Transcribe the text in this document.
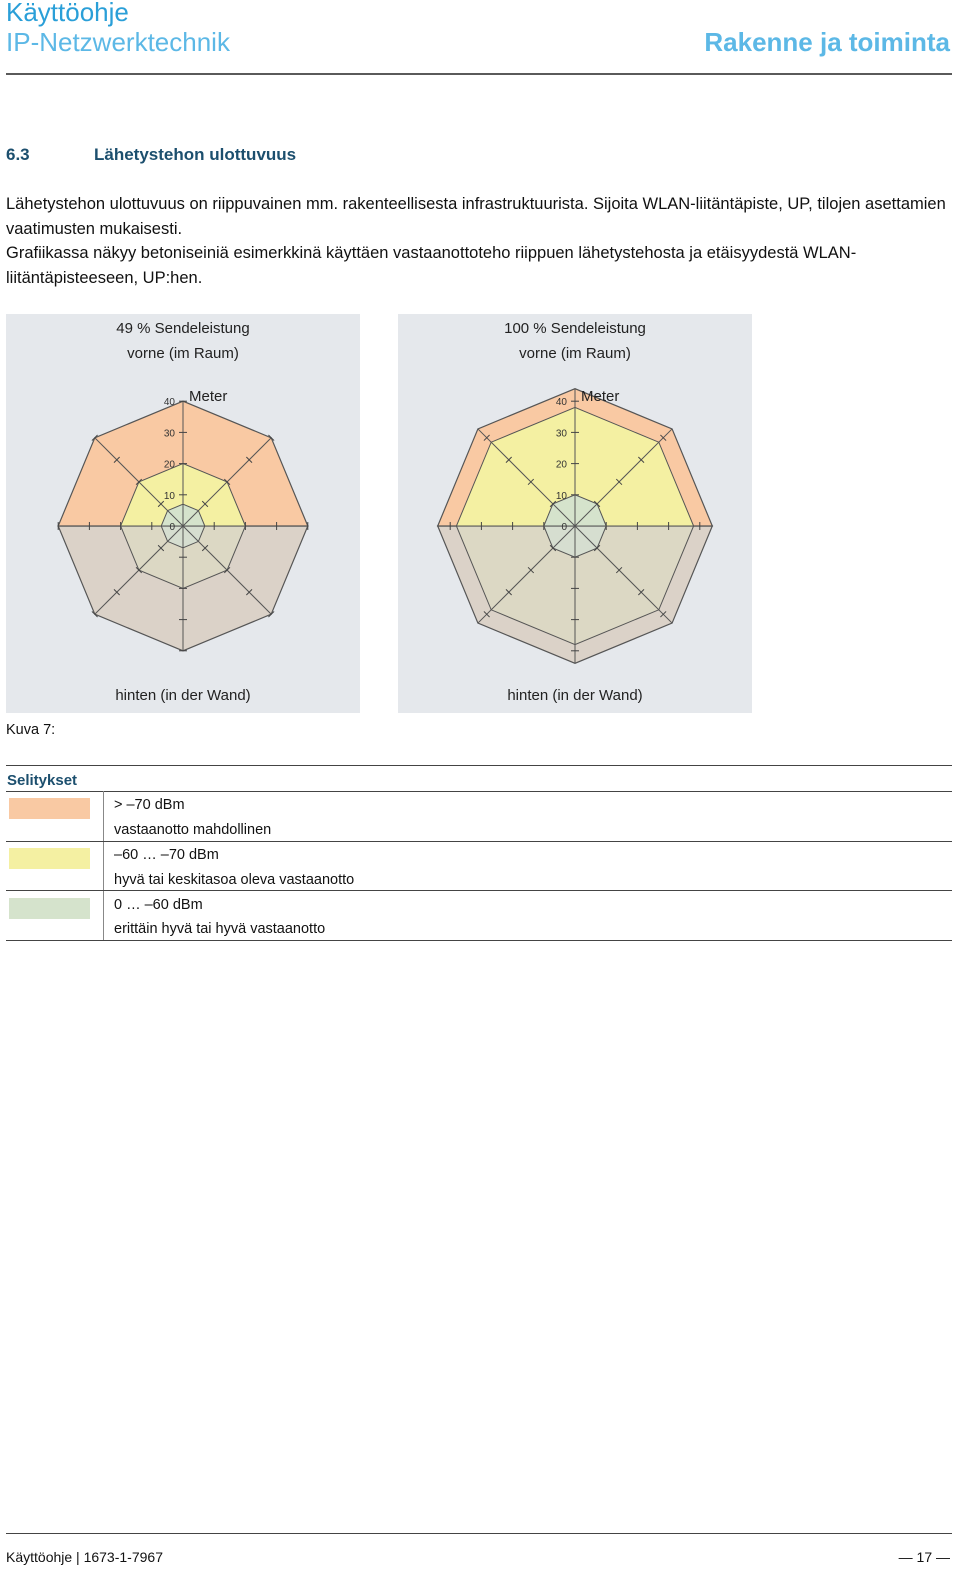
Käyttöohje
IP-Netzwerktechnik	Rakenne ja toiminta
6.3	Lähetystehon ulottuvuus
Lähetystehon ulottuvuus on riippuvainen mm. rakenteellisesta infrastruktuurista. Sijoita WLAN-liitäntäpiste, UP, tilojen asettamien vaatimusten mukaisesti.
Grafiikassa näkyy betoniseiniä esimerkkinä käyttäen vastaanottoteho riippuen lähetystehosta ja etäisyydestä WLAN-liitäntäpisteeseen, UP:hen.
40
30
20
10
0
49 % Sendeleistung
vorne (im Raum)
Meter
hinten (in der Wand)
40
30
20
10
0
100 % Sendeleistung
vorne (im Raum)
Meter
hinten (in der Wand)
Kuva 7:
Selitykset
> –70 dBm
vastaanotto mahdollinen
–60 … –70 dBm
hyvä tai keskitasoa oleva vastaanotto
0 … –60 dBm
erittäin hyvä tai hyvä vastaanotto
Käyttöohje | 1673-1-7967	— 17 —
